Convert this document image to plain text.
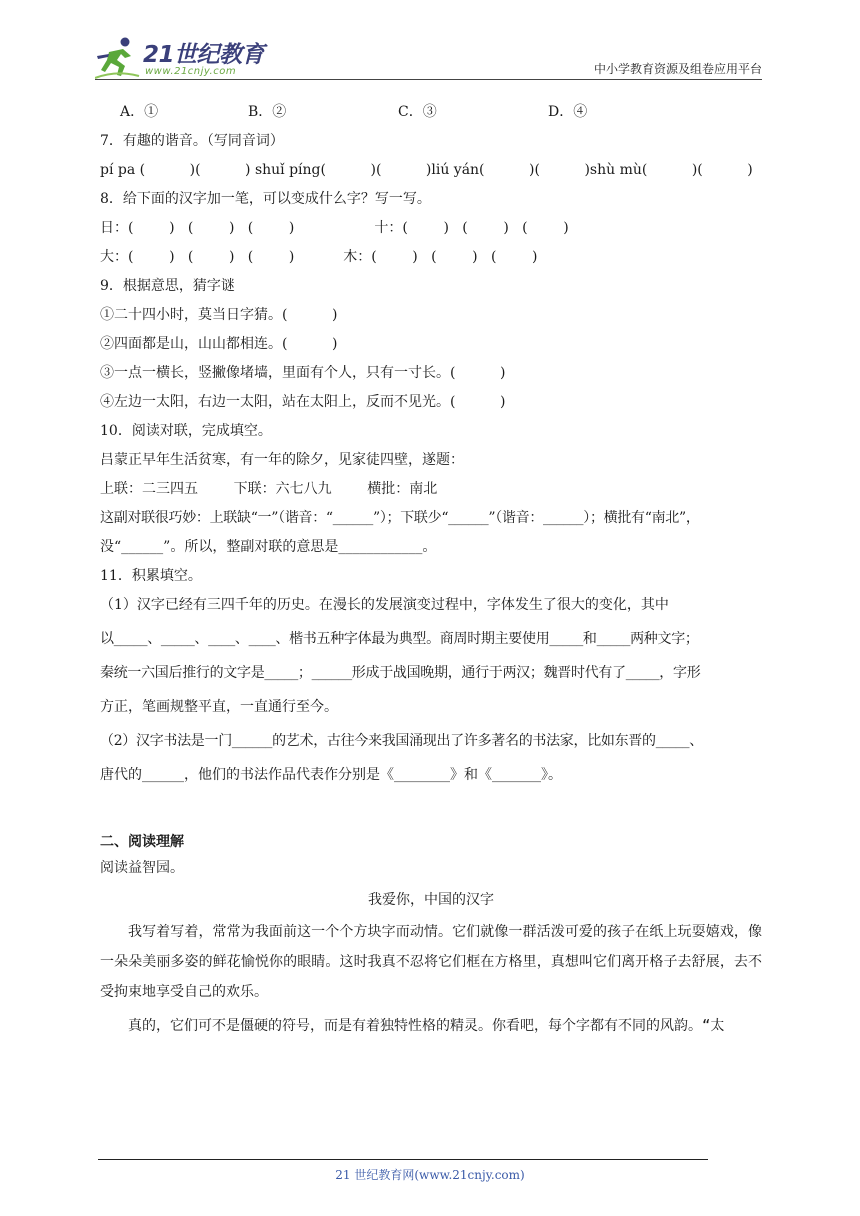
21世纪教育
www.21cnjy.com	中小学教育资源及组卷应用平台
A．①	B．②	C．③	D．④
7．有趣的谐音。（写同音词）
pí pa (          )(          ) shuǐ píng(          )(          )liú yán(          )(          )shù mù(          )(          )
8．给下面的汉字加一笔，可以变成什么字？写一写。
日：(        )   (        )   (        )                  十：(        )   (        )   (        )
大：(        )   (        )   (        )           木：(        )   (        )   (        )
9．根据意思，猜字谜
①二十四小时，莫当日字猜。(          )
②四面都是山，山山都相连。(          )
③一点一横长，竖撇像堵墙，里面有个人，只有一寸长。(          )
④左边一太阳，右边一太阳，站在太阳上，反而不见光。(          )
10．阅读对联，完成填空。
吕蒙正早年生活贫寒，有一年的除夕，见家徒四壁，遂题：
上联：二三四五        下联：六七八九        横批：南北
这副对联很巧妙：上联缺“一”（谐音：“______”）；下联少“______”（谐音：______）；横批有“南北”，
没“______”。所以，整副对联的意思是____________。
11．积累填空。
（1）汉字已经有三四千年的历史。在漫长的发展演变过程中，字体发生了很大的变化，其中
以_____、_____、____、____、楷书五种字体最为典型。商周时期主要使用_____和_____两种文字；
秦统一六国后推行的文字是_____；______形成于战国晚期，通行于两汉；魏晋时代有了_____，字形
方正，笔画规整平直，一直通行至今。
（2）汉字书法是一门______的艺术，古往今来我国涌现出了许多著名的书法家，比如东晋的_____、
唐代的______，他们的书法作品代表作分别是《________》和《_______》。
二、阅读理解
阅读益智园。
我爱你，中国的汉字

我写着写着，常常为我面前这一个个方块字而动情。它们就像一群活泼可爱的孩子在纸上玩耍嬉戏，像一朵朵美丽多姿的鲜花愉悦你的眼睛。这时我真不忍将它们框在方格里，真想叫它们离开格子去舒展，去不受拘束地享受自己的欢乐。

真的，它们可不是僵硬的符号，而是有着独特性格的精灵。你看吧，每个字都有不同的风韵。“太

21 世纪教育网(www.21cnjy.com)
